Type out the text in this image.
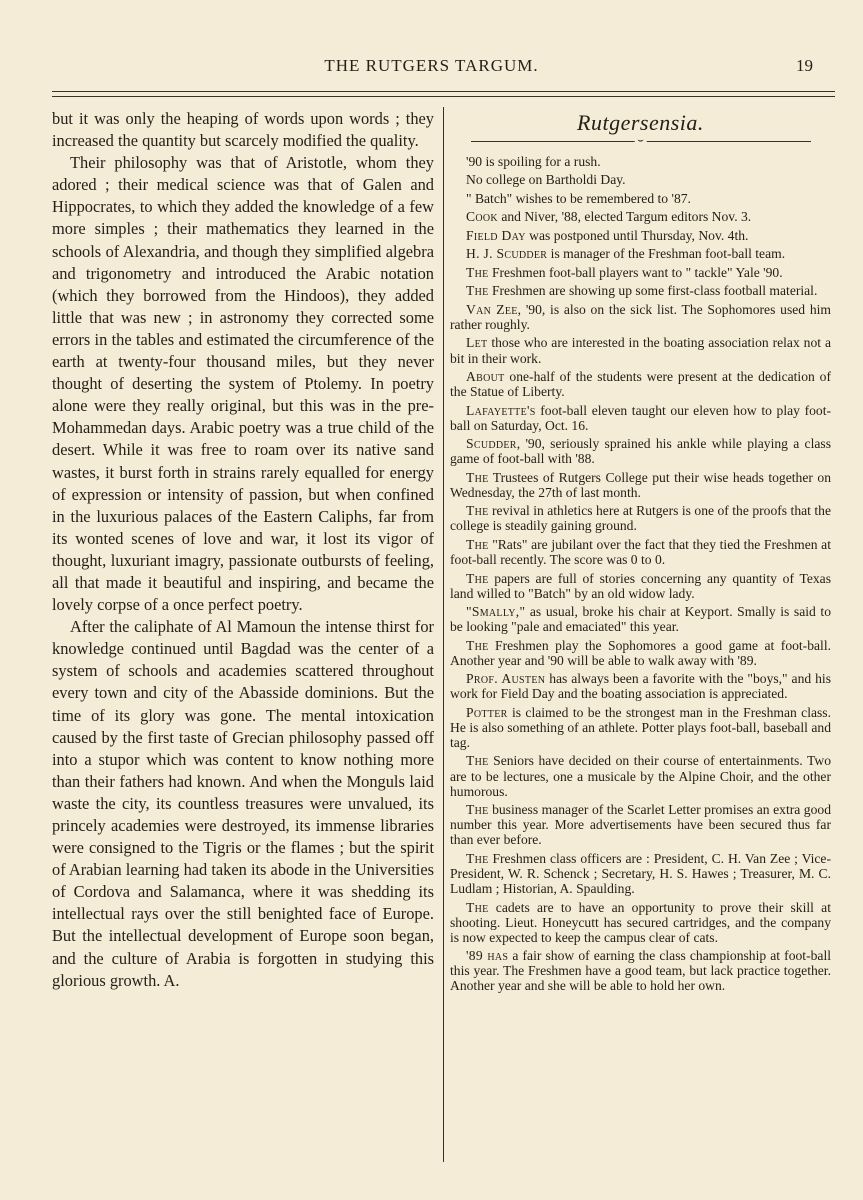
THE RUTGERS TARGUM.	19

but it was only the heaping of words upon words ; they increased the quantity but scarcely modified the quality.

Their philosophy was that of Aristotle, whom they adored ; their medical science was that of Galen and Hippocrates, to which they added the knowledge of a few more simples ; their mathematics they learned in the schools of Alexandria, and though they simplified algebra and trigonometry and introduced the Arabic notation (which they borrowed from the Hindoos), they added little that was new ; in astronomy they corrected some errors in the tables and estimated the circumference of the earth at twenty-four thousand miles, but they never thought of deserting the system of Ptolemy. In poetry alone were they really original, but this was in the pre-Mohammedan days. Arabic poetry was a true child of the desert. While it was free to roam over its native sand wastes, it burst forth in strains rarely equalled for energy of expression or intensity of passion, but when confined in the luxurious palaces of the Eastern Caliphs, far from its wonted scenes of love and war, it lost its vigor of thought, luxuriant imagry, passionate outbursts of feeling, all that made it beautiful and inspiring, and became the lovely corpse of a once perfect poetry.

After the caliphate of Al Mamoun the intense thirst for knowledge continued until Bagdad was the center of a system of schools and academies scattered throughout every town and city of the Abasside dominions. But the time of its glory was gone. The mental intoxication caused by the first taste of Grecian philosophy passed off into a stupor which was content to know nothing more than their fathers had known. And when the Monguls laid waste the city, its countless treasures were unvalued, its princely academies were destroyed, its immense libraries were consigned to the Tigris or the flames ; but the spirit of Arabian learning had taken its abode in the Universities of Cordova and Salamanca, where it was shedding its intellectual rays over the still benighted face of Europe. But the intellectual development of Europe soon began, and the culture of Arabia is forgotten in studying this glorious growth. A.

Rutgersensia.
⌣

'90 is spoiling for a rush.

No college on Bartholdi Day.

" Batch" wishes to be remembered to '87.

Cook and Niver, '88, elected Targum editors Nov. 3.

Field Day was postponed until Thursday, Nov. 4th.

H. J. Scudder is manager of the Freshman foot-ball team.

The Freshmen foot-ball players want to " tackle" Yale '90.

The Freshmen are showing up some first-class football material.

Van Zee, '90, is also on the sick list. The Sophomores used him rather roughly.

Let those who are interested in the boating association relax not a bit in their work.

About one-half of the students were present at the dedication of the Statue of Liberty.

Lafayette's foot-ball eleven taught our eleven how to play foot-ball on Saturday, Oct. 16.

Scudder, '90, seriously sprained his ankle while playing a class game of foot-ball with '88.

The Trustees of Rutgers College put their wise heads together on Wednesday, the 27th of last month.

The revival in athletics here at Rutgers is one of the proofs that the college is steadily gaining ground.

The "Rats" are jubilant over the fact that they tied the Freshmen at foot-ball recently. The score was 0 to 0.

The papers are full of stories concerning any quantity of Texas land willed to "Batch" by an old widow lady.

"Smally," as usual, broke his chair at Keyport. Smally is said to be looking "pale and emaciated" this year.

The Freshmen play the Sophomores a good game at foot-ball. Another year and '90 will be able to walk away with '89.

Prof. Austen has always been a favorite with the "boys," and his work for Field Day and the boating association is appreciated.

Potter is claimed to be the strongest man in the Freshman class. He is also something of an athlete. Potter plays foot-ball, baseball and tag.

The Seniors have decided on their course of entertainments. Two are to be lectures, one a musicale by the Alpine Choir, and the other humorous.

The business manager of the Scarlet Letter promises an extra good number this year. More advertisements have been secured thus far than ever before.

The Freshmen class officers are : President, C. H. Van Zee ; Vice-President, W. R. Schenck ; Secretary, H. S. Hawes ; Treasurer, M. C. Ludlam ; Historian, A. Spaulding.

The cadets are to have an opportunity to prove their skill at shooting. Lieut. Honeycutt has secured cartridges, and the company is now expected to keep the campus clear of cats.

'89 has a fair show of earning the class championship at foot-ball this year. The Freshmen have a good team, but lack practice together. Another year and she will be able to hold her own.
